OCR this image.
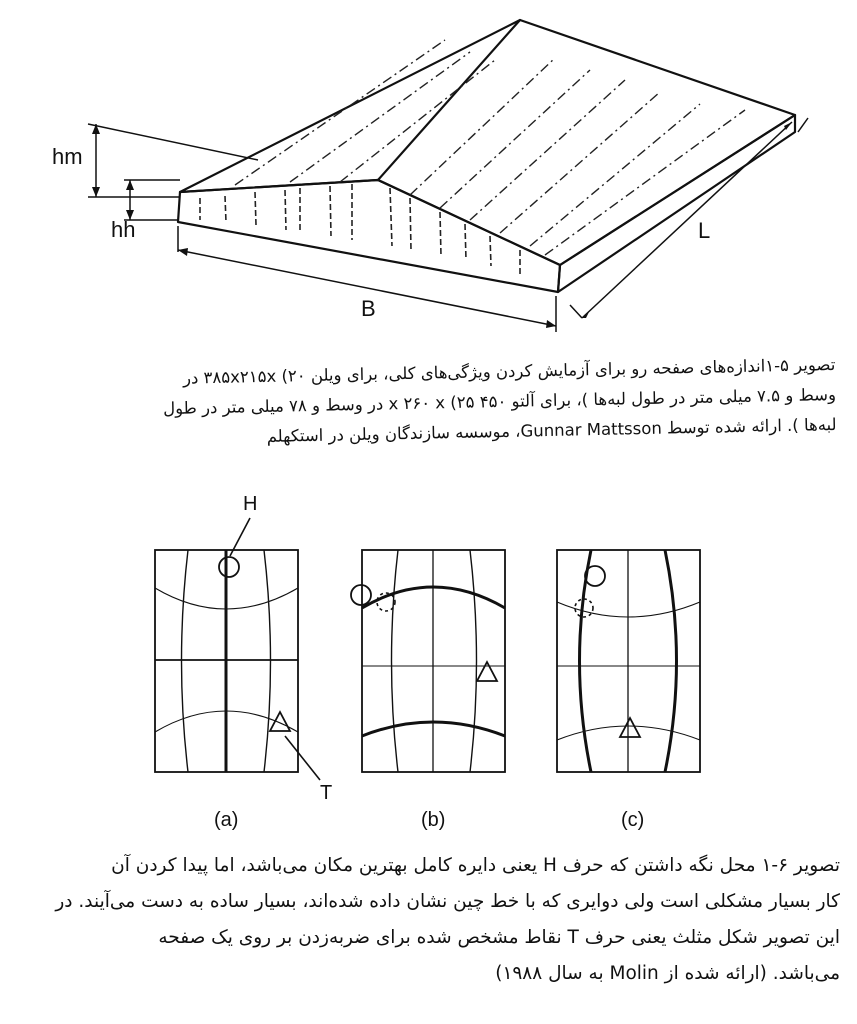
hm
hh
B
L

تصویر ۵-۱اندازه‌های صفحه رو برای آزمایش کردن ویژگی‌های کلی، برای ویلن ۳۸۵x۲۱۵x (۲۰ در

وسط و ۷.۵ میلی متر در طول لبه‌ها )، برای آلتو ۴۵۰ x ۲۶۰ x (۲۵ در وسط و ۷۸ میلی متر در طول

لبه‌ها ). ارائه شده توسط Gunnar Mattsson، موسسه سازندگان ویلن در استکهلم

H
T
(a)	(b)	(c)

تصویر ۶-۱ محل نگه داشتن که حرف H یعنی دایره کامل بهترین مکان می‌باشد، اما پیدا کردن آن

کار بسیار مشکلی است ولی دوایری که با خط چین نشان داده شده‌اند، بسیار ساده به دست می‌آیند. در

این تصویر شکل مثلث یعنی حرف T نقاط مشخص شده برای ضربه‌زدن بر روی یک صفحه

می‌باشد. (ارائه شده از Molin به سال ۱۹۸۸)
